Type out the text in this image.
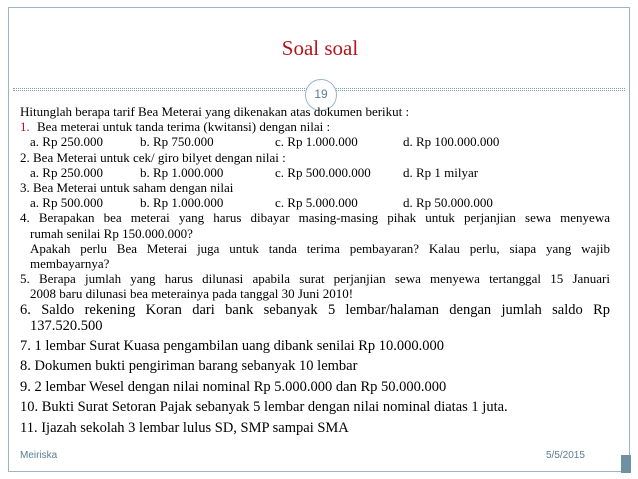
Soal soal
19
Hitunglah berapa tarif Bea Meterai yang dikenakan atas dokumen berikut :
1. Bea meterai untuk tanda terima (kwitansi) dengan nilai :
a. Rp 250.000	b. Rp 750.000	c. Rp 1.000.000	d. Rp 100.000.000
2. Bea Meterai untuk cek/ giro bilyet dengan nilai :
a. Rp 250.000	b. Rp 1.000.000	c. Rp 500.000.000	d. Rp 1 milyar
3. Bea Meterai untuk saham dengan nilai
a. Rp 500.000	b. Rp 1.000.000	c. Rp 5.000.000	d. Rp 50.000.000
4. Berapakan bea meterai yang harus dibayar masing-masing pihak untuk perjanjian sewa menyewa
rumah senilai Rp 150.000.000?
Apakah perlu Bea Meterai juga untuk tanda terima pembayaran? Kalau perlu, siapa yang wajib
membayarnya?
5. Berapa jumlah yang harus dilunasi apabila surat perjanjian sewa menyewa tertanggal 15 Januari
2008 baru dilunasi bea meterainya pada tanggal 30 Juni 2010!
6. Saldo rekening Koran dari bank sebanyak 5 lembar/halaman dengan jumlah saldo Rp
137.520.500
7. 1 lembar Surat Kuasa pengambilan uang dibank senilai Rp 10.000.000
8. Dokumen bukti pengiriman barang sebanyak 10 lembar
9. 2 lembar Wesel dengan nilai nominal Rp 5.000.000 dan Rp 50.000.000
10. Bukti Surat Setoran Pajak sebanyak 5 lembar dengan nilai nominal diatas 1 juta.
11. Ijazah sekolah 3 lembar lulus SD, SMP sampai SMA
Meiriska	5/5/2015
